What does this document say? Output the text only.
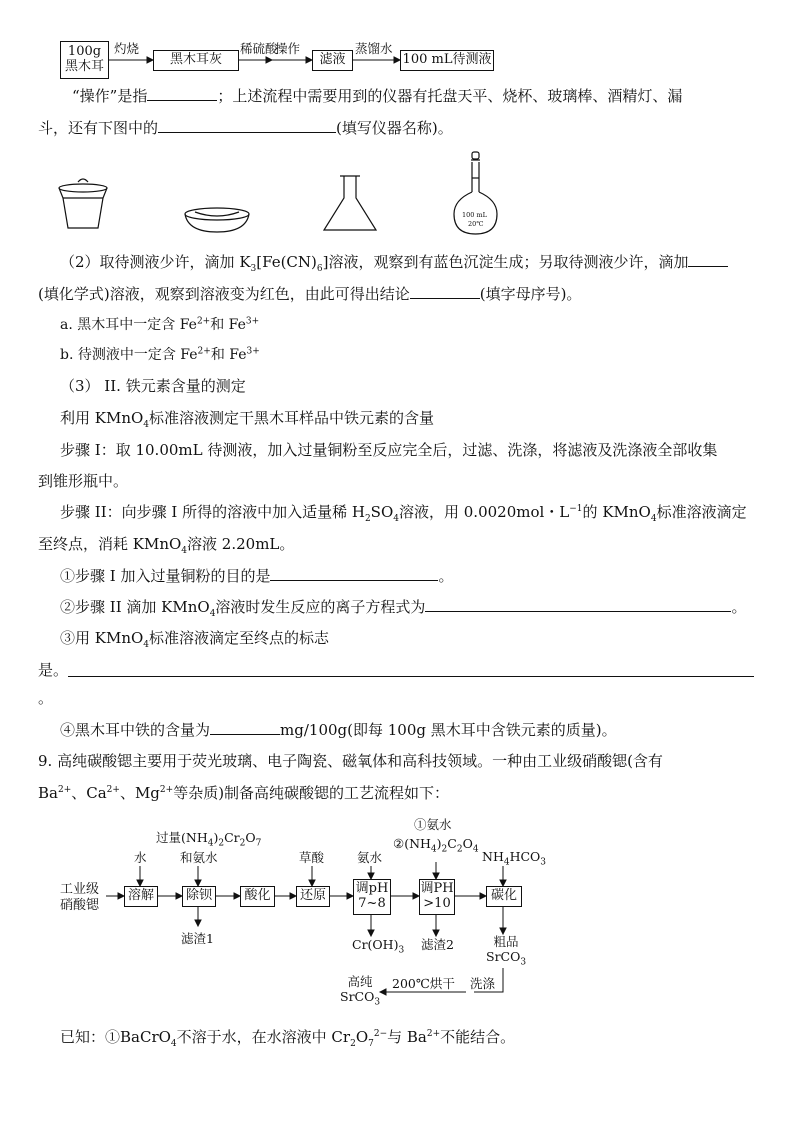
100g
黑木耳
灼烧
黑木耳灰
稀硫酸
操作
滤液
蒸馏水
100 mL待测液
“操作”是指	；上述流程中需要用到的仪器有托盘天平、烧杯、玻璃棒、酒精灯、漏
斗，还有下图中的	(填写仪器名称)。
100 mL
20℃
（2）取待测液少许，滴加 $K_3[Fe(CN)_6]$溶液，观察到有蓝色沉淀生成；另取待测液少许，滴加
(填化学式)溶液，观察到溶液变为红色，由此可得出结论	(填字母序号)。
a. 黑木耳中一定含 $Fe^{2+}$和 $Fe^{3+}$
b. 待测液中一定含 $Fe^{2+}$和 $Fe^{3+}$
（3） II. 铁元素含量的测定
利用 KMnO$_4$标准溶液测定干黑木耳样品中铁元素的含量
步骤 I：取 10.00mL 待测液，加入过量铜粉至反应完全后，过滤、洗涤，将滤液及洗涤液全部收集
到锥形瓶中。
步骤 II：向步骤 I 所得的溶液中加入适量稀 $H_2SO_4$溶液，用 0.0020mol・$L^{-1}$的 KMnO$_4$标准溶液滴定
至终点，消耗 KMnO$_4$溶液 2.20mL。
①步骤 I 加入过量铜粉的目的是	。
②步骤 II 滴加 KMnO$_4$溶液时发生反应的离子方程式为	。
③用 KMnO$_4$标准溶液滴定至终点的标志
是。
。
④黑木耳中铁的含量为	mg/100g(即每 100g 黑木耳中含铁元素的质量)。
9. 高纯碳酸锶主要用于荧光玻璃、电子陶瓷、磁氧体和高科技领域。一种由工业级硝酸锶(含有
$Ba^{2+}$、$Ca^{2+}$、$Mg^{2+}$等杂质)制备高纯碳酸锶的工艺流程如下：
工业级
硝酸锶
溶解	除钡	酸化	还原	调pH
7~8
调PH
>10
碳化
水
过量$(NH_4)_2Cr_2O_7$
和氨水	草酸	氨水
①氨水
$②(NH_4)_2C_2O_4$ $NH_4HCO_3$
滤渣1	$Cr(OH)_3$ 滤渣2	粗品
SrCO$_3$
洗涤
200℃烘干
高纯
SrCO$_3$
已知：①BaCrO$_4$不溶于水，在水溶液中 $Cr_2O_7^{2-}$与 $Ba^{2+}$不能结合。
